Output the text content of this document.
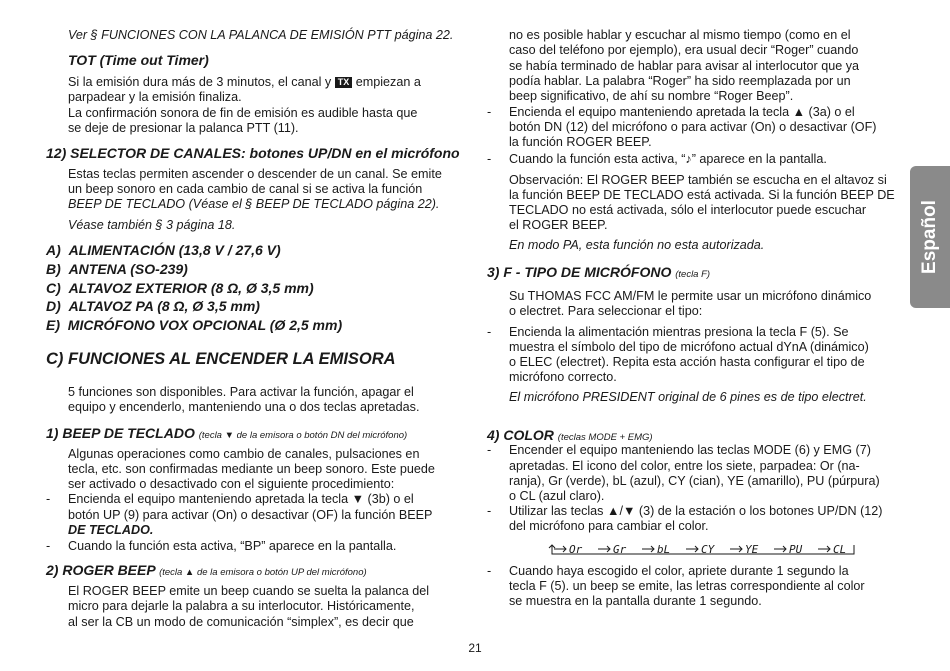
Ver § FUNCIONES CON LA PALANCA DE EMISIÓN PTT página 22.
TOT (Time out Timer)
Si la emisión dura más de 3 minutos, el canal y TX empiezan a
parpadear y la emisión finaliza.
La confirmación sonora de fin de emisión es audible hasta que
se deje de presionar la palanca PTT (11).
12) SELECTOR DE CANALES: botones UP/DN en el micrófono
Estas teclas permiten ascender o descender de un canal. Se emite
un beep sonoro en cada cambio de canal si se activa la función
BEEP DE TECLADO (Véase el § BEEP DE TECLADO página 22).
Véase también § 3 página 18.
A) ALIMENTACIÓN (13,8 V / 27,6 V)
B) ANTENA (SO-239)
C) ALTAVOZ EXTERIOR (8 Ω, Ø 3,5 mm)
D) ALTAVOZ PA (8 Ω, Ø 3,5 mm)
E) MICRÓFONO VOX OPCIONAL (Ø 2,5 mm)
C) FUNCIONES AL ENCENDER LA EMISORA
5 funciones son disponibles. Para activar la función, apagar el
equipo y encenderlo, manteniendo una o dos teclas apretadas.
1) BEEP DE TECLADO (tecla ▼ de la emisora o botón DN del micrófono)
Algunas operaciones como cambio de canales, pulsaciones en
tecla, etc. son confirmadas mediante un beep sonoro. Este puede
ser activado o desactivado con el siguiente procedimiento:
- Encienda el equipo manteniendo apretada la tecla ▼ (3b) o el
botón UP (9) para activar (On) o desactivar (OF) la función BEEP
DE TECLADO.
- Cuando la función esta activa, “BP” aparece en la pantalla.
2) ROGER BEEP (tecla ▲ de la emisora o botón UP del micrófono)
El ROGER BEEP emite un beep cuando se suelta la palanca del
micro para dejarle la palabra a su interlocutor. Históricamente,
al ser la CB un modo de comunicación “simplex”, es decir que
no es posible hablar y escuchar al mismo tiempo (como en el
caso del teléfono por ejemplo), era usual decir “Roger” cuando
se había terminado de hablar para avisar al interlocutor que ya
podía hablar. La palabra “Roger” ha sido reemplazada por un
beep significativo, de ahí su nombre “Roger Beep”.
- Encienda el equipo manteniendo apretada la tecla ▲ (3a) o el
botón DN (12) del micrófono o para activar (On) o desactivar (OF)
la función ROGER BEEP.
- Cuando la función esta activa, “♪” aparece en la pantalla.
Observación: El ROGER BEEP también se escucha en el altavoz si
la función BEEP DE TECLADO está activada. Si la función BEEP DE
TECLADO no está activada, sólo el interlocutor puede escuchar
el ROGER BEEP.
En modo PA, esta función no esta autorizada.
3) F - TIPO DE MICRÓFONO (tecla F)
Su THOMAS FCC AM/FM le permite usar un micrófono dinámico
o electret. Para seleccionar el tipo:
- Encienda la alimentación mientras presiona la tecla F (5). Se
muestra el símbolo del tipo de micrófono actual dYnA (dinámico)
o ELEC (electret). Repita esta acción hasta configurar el tipo de
micrófono correcto.
El micrófono PRESIDENT original de 6 pines es de tipo electret.
4) COLOR (teclas MODE + EMG)
- Encender el equipo manteniendo las teclas MODE (6) y EMG (7)
apretadas. El icono del color, entre los siete, parpadea: Or (na-
ranja), Gr (verde), bL (azul), CY (cian), YE (amarillo), PU (púrpura)
o CL (azul claro).
- Utilizar las teclas ▲/▼ (3) de la estación o los botones UP/DN (12)
del micrófono para cambiar el color.
Or	Gr	bL	CY	YE	PU	CL
- Cuando haya escogido el color, apriete durante 1 segundo la
tecla F (5). un beep se emite, las letras correspondiente al color
se muestra en la pantalla durante 1 segundo.
Español
21
